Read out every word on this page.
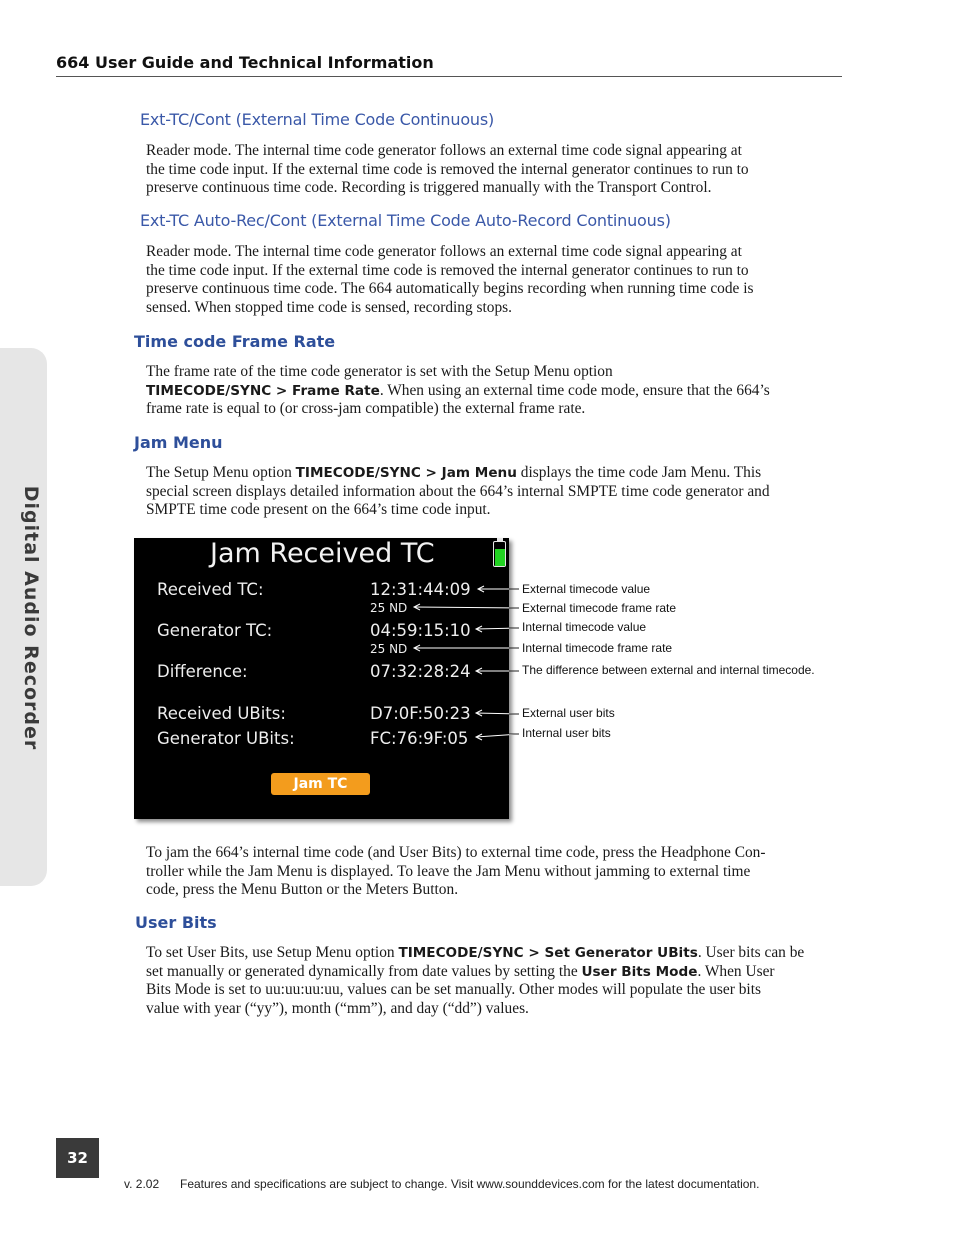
664 User Guide and Technical Information
Digital Audio Recorder
Ext-TC/Cont (External Time Code Continuous)

Reader mode. The internal time code generator follows an external time code signal appearing at

the time code input. If the external time code is removed the internal generator continues to run to

preserve continuous time code. Recording is triggered manually with the Transport Control.

Ext-TC Auto-Rec/Cont (External Time Code Auto-Record Continuous)

Reader mode. The internal time code generator follows an external time code signal appearing at

the time code input. If the external time code is removed the internal generator continues to run to

preserve continuous time code. The 664 automatically begins recording when running time code is

sensed. When stopped time code is sensed, recording stops.

Time code Frame Rate

The frame rate of the time code generator is set with the Setup Menu option

TIMECODE/SYNC > Frame Rate. When using an external time code mode, ensure that the 664’s

frame rate is equal to (or cross-jam compatible) the external frame rate.

Jam Menu

The Setup Menu option TIMECODE/SYNC > Jam Menu displays the time code Jam Menu. This

special screen displays detailed information about the 664’s internal SMPTE time code generator and

SMPTE time code present on the 664’s time code input.

Jam Received TC
Received TC:	12:31:44:09
25 ND
Generator TC:	04:59:15:10
25 ND
Difference:	07:32:28:24
Received UBits:	D7:0F:50:23
Generator UBits:	FC:76:9F:05
Jam TC
External timecode value
External timecode frame rate
Internal timecode value
Internal timecode frame rate
The difference between external and internal timecode.
External user bits
Internal user bits

To jam the 664’s internal time code (and User Bits) to external time code, press the Headphone Con-

troller while the Jam Menu is displayed. To leave the Jam Menu without jamming to external time

code, press the Menu Button or the Meters Button.

User Bits

To set User Bits, use Setup Menu option TIMECODE/SYNC > Set Generator UBits. User bits can be

set manually or generated dynamically from date values by setting the User Bits Mode. When User

Bits Mode is set to uu:uu:uu:uu, values can be set manually. Other modes will populate the user bits

value with year (“yy”), month (“mm”), and day (“dd”) values.

32
v. 2.02 Features and specifications are subject to change. Visit www.sounddevices.com for the latest documentation.
